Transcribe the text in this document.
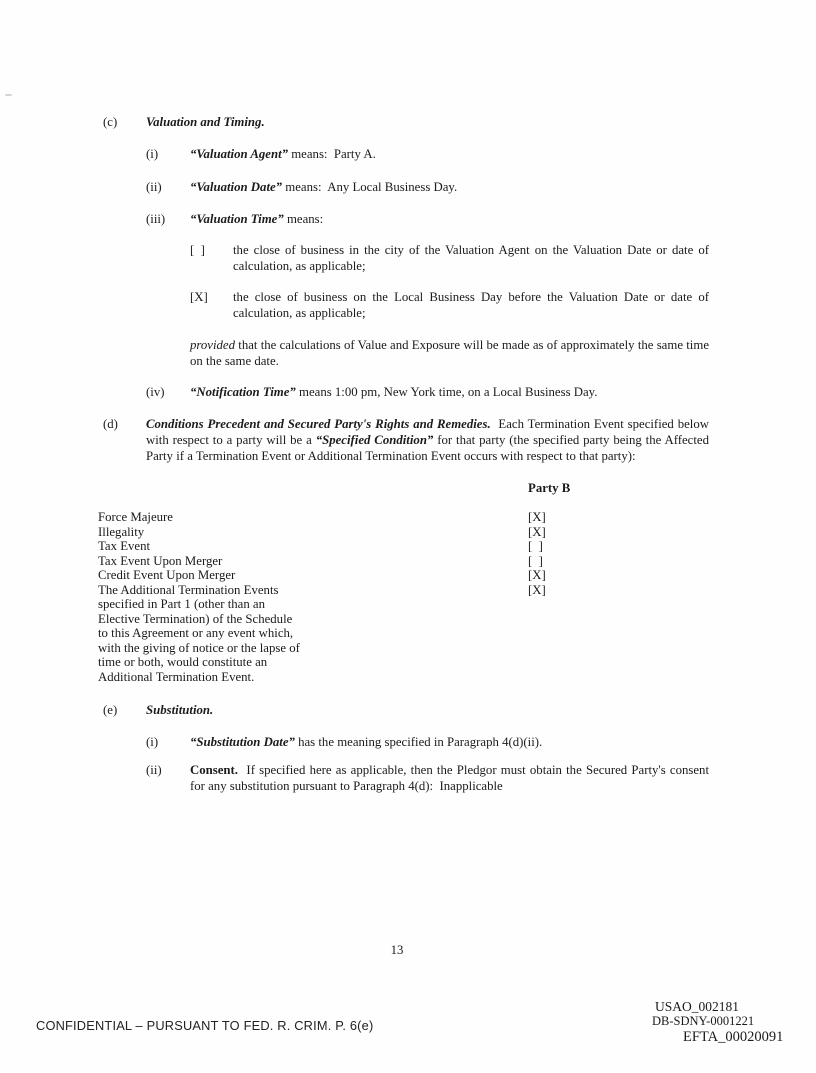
(c)	Valuation and Timing.
(i)	“Valuation Agent” means:  Party A.
(ii)	“Valuation Date” means:  Any Local Business Day.
(iii)	“Valuation Time” means:
[  ]	the close of business in the city of the Valuation Agent on the Valuation Date or date of calculation, as applicable;
[X]	the close of business on the Local Business Day before the Valuation Date or date of calculation, as applicable;
provided that the calculations of Value and Exposure will be made as of approximately the same time on the same date.
(iv)	“Notification Time” means 1:00 pm, New York time, on a Local Business Day.
(d)	Conditions Precedent and Secured Party's Rights and Remedies.  Each Termination Event specified below with respect to a party will be a “Specified Condition” for that party (the specified party being the Affected Party if a Termination Event or Additional Termination Event occurs with respect to that party):
Party B
Force Majeure	[X]
Illegality	[X]
Tax Event	[  ]
Tax Event Upon Merger	[  ]
Credit Event Upon Merger	[X]
The Additional Termination Events	[X]
specified in Part 1 (other than an
Elective Termination) of the Schedule
to this Agreement or any event which,
with the giving of notice or the lapse of
time or both, would constitute an
Additional Termination Event.
(e)	Substitution.
(i)	“Substitution Date” has the meaning specified in Paragraph 4(d)(ii).
(ii)	Consent.  If specified here as applicable, then the Pledgor must obtain the Secured Party's consent for any substitution pursuant to Paragraph 4(d):  Inapplicable
13
CONFIDENTIAL – PURSUANT TO FED. R. CRIM. P. 6(e)
USAO_002181
DB-SDNY-0001221
EFTA_00020091
